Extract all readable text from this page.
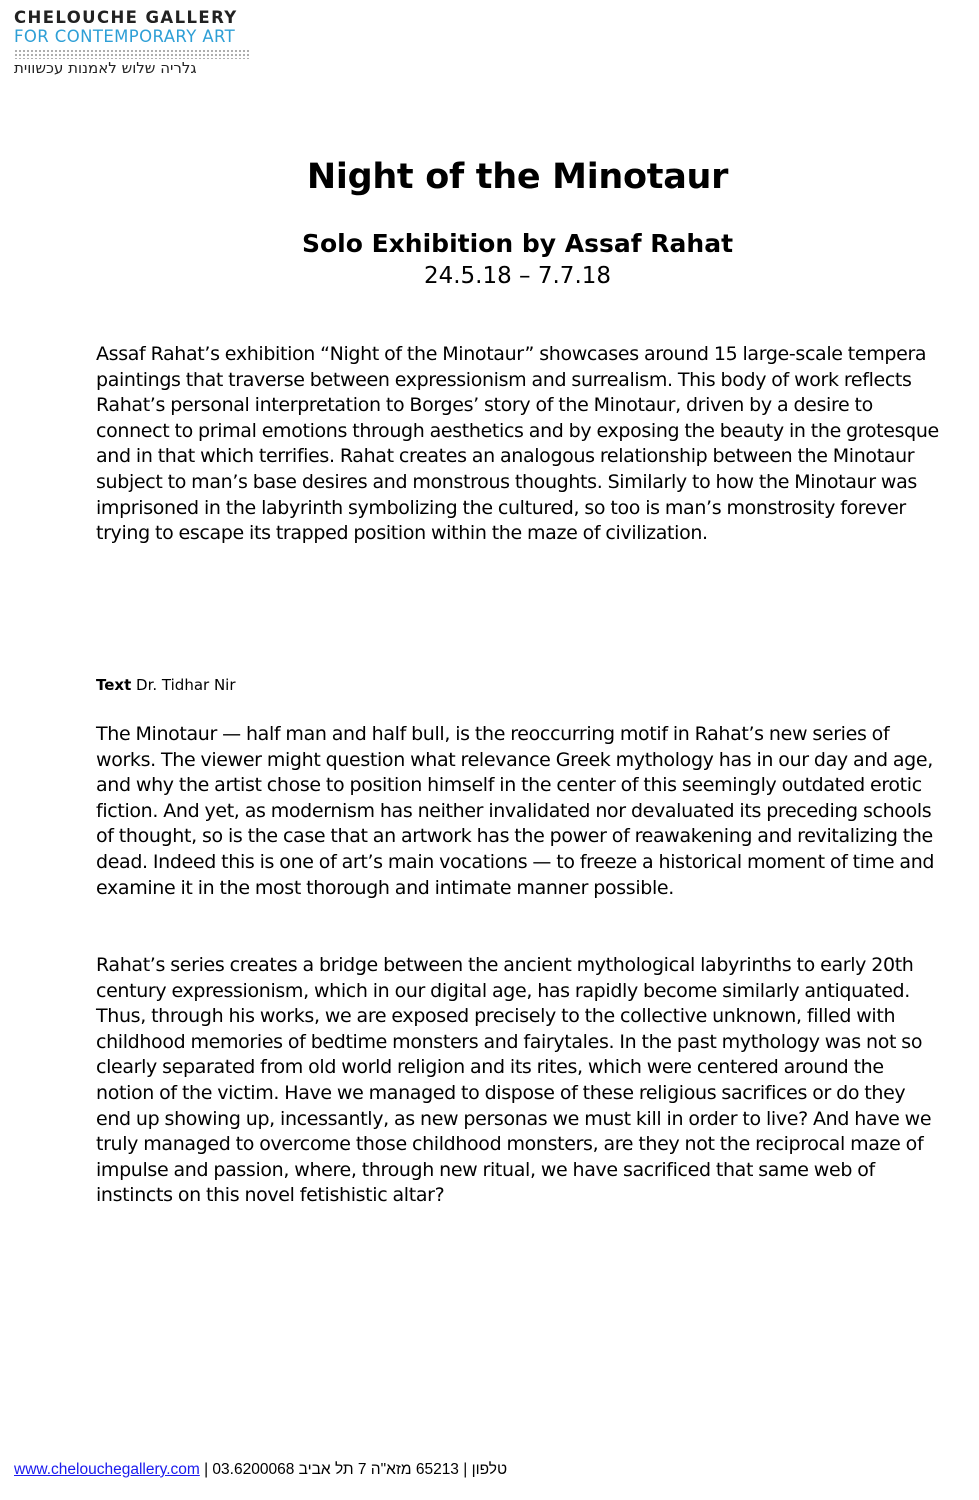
CHELOUCHE GALLERY
FOR CONTEMPORARY ART
גלריה שלוש לאמנות עכשווית
Night of the Minotaur
Solo Exhibition by Assaf Rahat
24.5.18 – 7.7.18

Assaf Rahat’s exhibition “Night of the Minotaur” showcases around 15 large-scale tempera paintings that traverse between expressionism and surrealism. This body of work reflects Rahat’s personal interpretation to Borges’ story of the Minotaur, driven by a desire to connect to primal emotions through aesthetics and by exposing the beauty in the grotesque and in that which terrifies. Rahat creates an analogous relationship between the Minotaur subject to man’s base desires and monstrous thoughts. Similarly to how the Minotaur was imprisoned in the labyrinth symbolizing the cultured, so too is man’s monstrosity forever trying to escape its trapped position within the maze of civilization.

Text Dr. Tidhar Nir

The Minotaur — half man and half bull, is the reoccurring motif in Rahat’s new series of works. The viewer might question what relevance Greek mythology has in our day and age, and why the artist chose to position himself in the center of this seemingly outdated erotic fiction. And yet, as modernism has neither invalidated nor devaluated its preceding schools of thought, so is the case that an artwork has the power of reawakening and revitalizing the dead. Indeed this is one of art’s main vocations — to freeze a historical moment of time and examine it in the most thorough and intimate manner possible.

Rahat’s series creates a bridge between the ancient mythological labyrinths to early 20th century expressionism, which in our digital age, has rapidly become similarly antiquated. Thus, through his works, we are exposed precisely to the collective unknown, filled with childhood memories of bedtime monsters and fairytales. In the past mythology was not so clearly separated from old world religion and its rites, which were centered around the notion of the victim. Have we managed to dispose of these religious sacrifices or do they end up showing up, incessantly, as new personas we must kill in order to live? And have we truly managed to overcome those childhood monsters, are they not the reciprocal maze of impulse and passion, where, through new ritual, we have sacrificed that same web of instincts on this novel fetishistic altar?

www.chelouchegallery.com | 03.6200068 טלפון | 65213 מזא"ה 7 תל אביב
